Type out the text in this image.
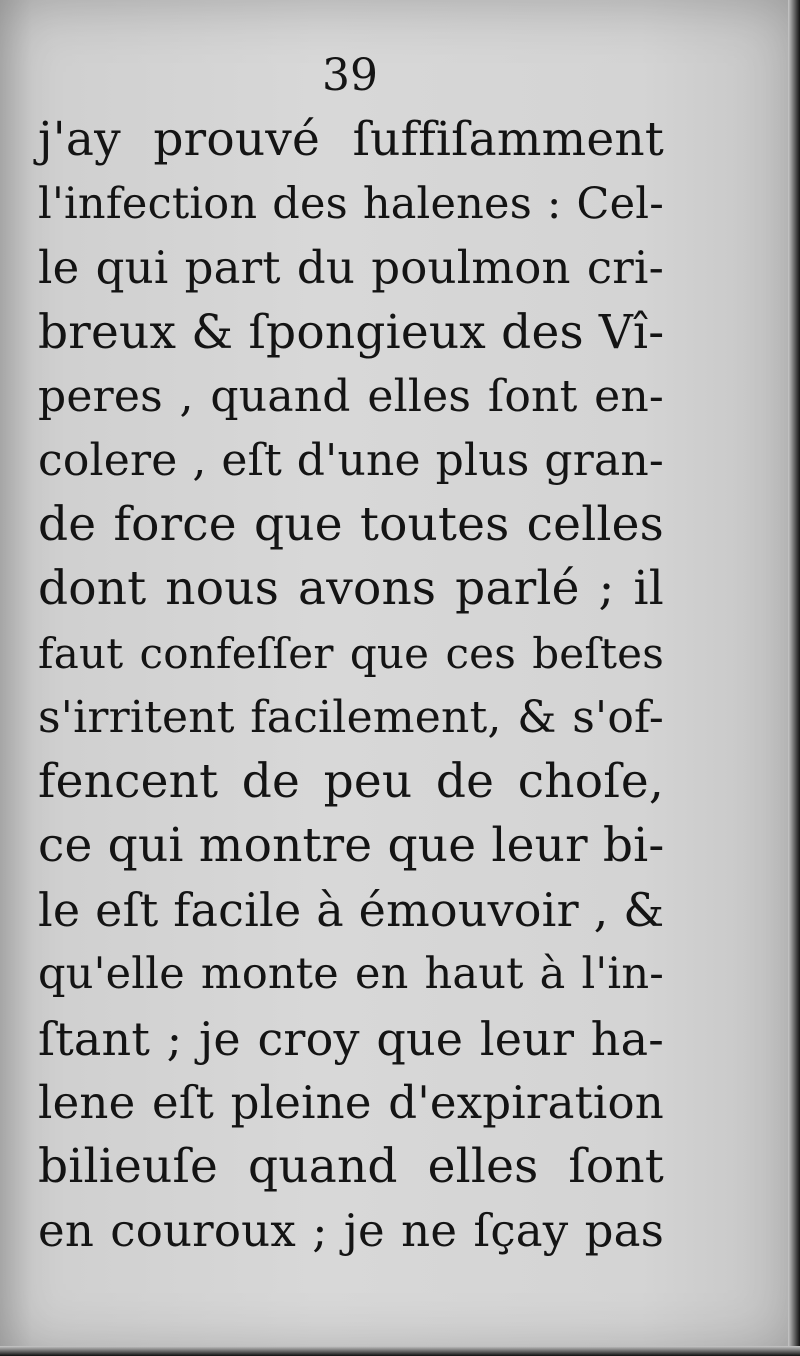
39
j'ay prouvé ſuffiſamment
l'infection des halenes : Cel-
le qui part du poulmon cri-
breux & ſpongieux des Vî-
peres , quand elles ſont en-
colere , eſt d'une plus gran-
de force que toutes celles
dont nous avons parlé ; il
faut confeſſer que ces beſtes
s'irritent facilement, & s'of-
fencent de peu de choſe,
ce qui montre que leur bi-
le eſt facile à émouvoir , &
qu'elle monte en haut à l'in-
ſtant ; je croy que leur ha-
lene eſt pleine d'expiration
bilieuſe quand elles ſont
en couroux ; je ne ſçay pas
